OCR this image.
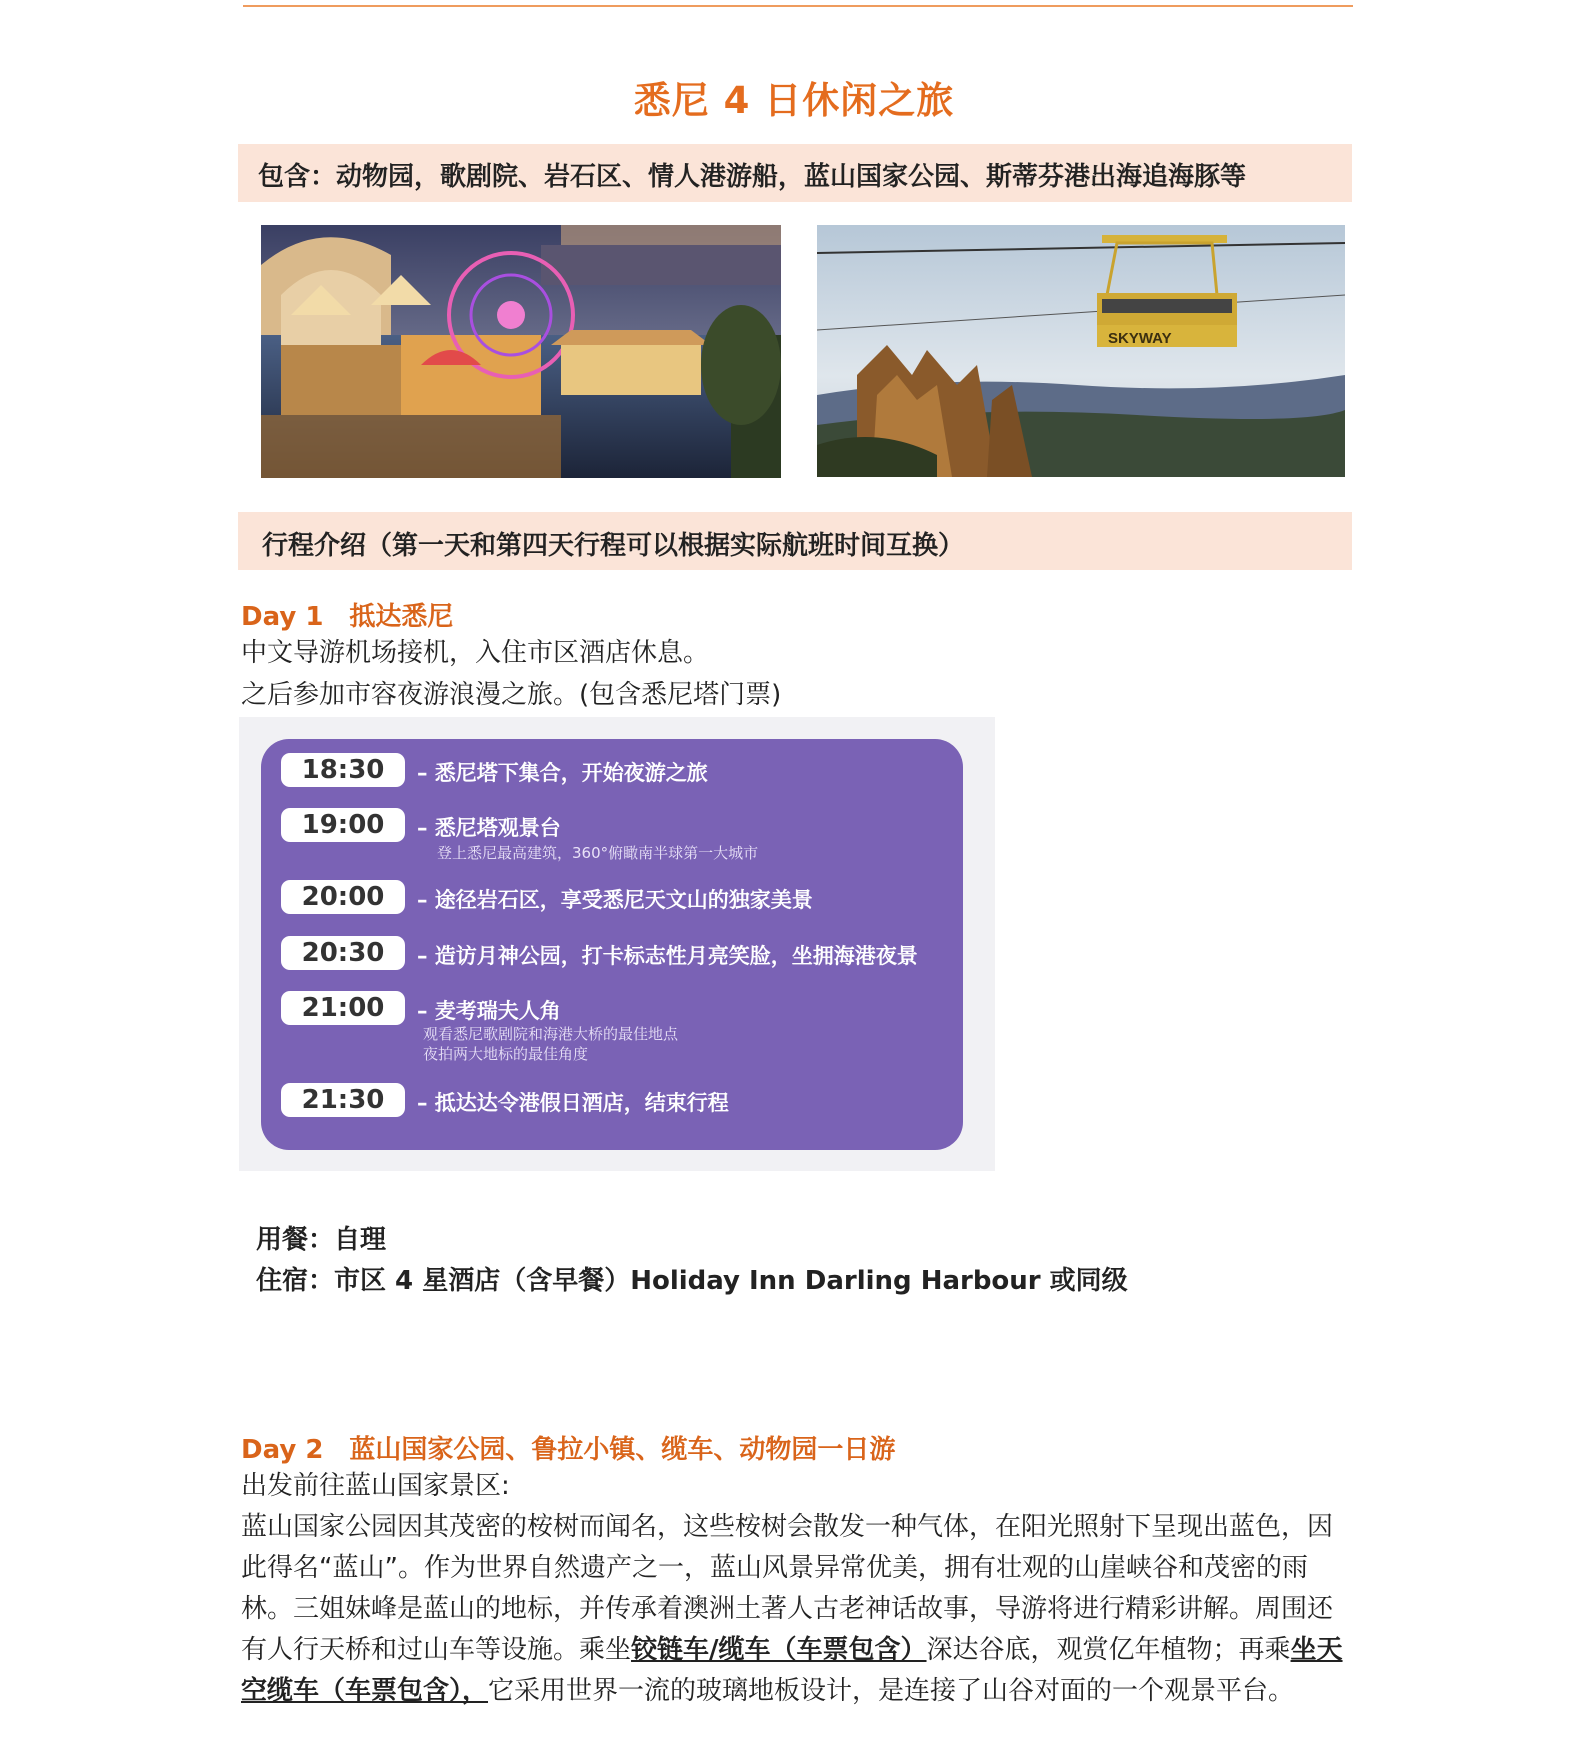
悉尼 4 日休闲之旅
包含：动物园，歌剧院、岩石区、情人港游船，蓝山国家公园、斯蒂芬港出海追海豚等
SKYWAY
行程介绍（第一天和第四天行程可以根据实际航班时间互换）
Day 1　抵达悉尼
中文导游机场接机，入住市区酒店休息。
之后参加市容夜游浪漫之旅。(包含悉尼塔门票)
18:30	– 悉尼塔下集合，开始夜游之旅
19:00	– 悉尼塔观景台
登上悉尼最高建筑，360°俯瞰南半球第一大城市
20:00	– 途径岩石区，享受悉尼天文山的独家美景
20:30	– 造访月神公园，打卡标志性月亮笑脸，坐拥海港夜景
21:00	– 麦考瑞夫人角
观看悉尼歌剧院和海港大桥的最佳地点
夜拍两大地标的最佳角度
21:30	– 抵达达令港假日酒店，结束行程
用餐：自理
住宿：市区 4 星酒店（含早餐）Holiday Inn Darling Harbour 或同级
Day 2　蓝山国家公园、鲁拉小镇、缆车、动物园一日游
出发前往蓝山国家景区:
蓝山国家公园因其茂密的桉树而闻名，这些桉树会散发一种气体，在阳光照射下呈现出蓝色，因此得名“蓝山”。作为世界自然遗产之一，蓝山风景异常优美，拥有壮观的山崖峡谷和茂密的雨林。三姐妹峰是蓝山的地标，并传承着澳洲土著人古老神话故事，导游将进行精彩讲解。周围还有人行天桥和过山车等设施。乘坐铰链车/缆车（车票包含）深达谷底，观赏亿年植物；再乘坐天空缆车（车票包含），它采用世界一流的玻璃地板设计，是连接了山谷对面的一个观景平台。
